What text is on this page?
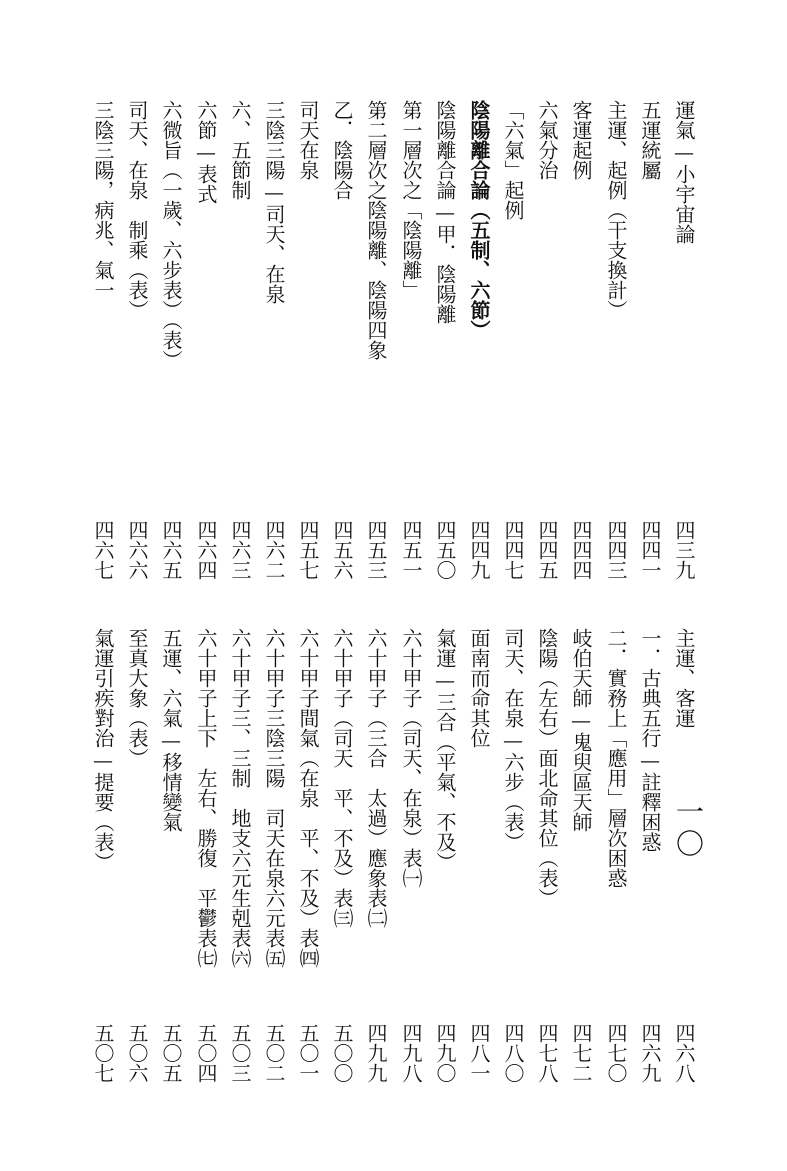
運氣—小宇宙論
四三九
五運統屬
四四一
主運、起例（干支換計）
四四三
客運起例
四四四
六氣分治
四四五
「六氣」起例
四四七
陰陽離合論（五制、六節）
四四九
陰陽離合論—甲．陰陽離
四五〇
第一層次之「陰陽離」
四五一
第二層次之陰陽離、陰陽四象
四五三
乙．陰陽合
四五六
司天在泉
四五七
三陰三陽—司天、在泉
四六二
六、五節制
四六三
六節—表式
四六四
六微旨（一歲、六步表）（表）
四六五
司天、在泉　制乘（表）
四六六
三陰三陽，病兆、氣一
四六七
一〇
主運、客運
四六八
一．古典五行—註釋困惑
四六九
二．實務上「應用」層次困惑
四七〇
岐伯天師—鬼臾區天師
四七二
陰陽（左右）面北命其位（表）
四七八
司天、在泉—六步（表）
四八〇
面南而命其位
四八一
氣運—三合（平氣、不及）
四九〇
六十甲子（司天、在泉）表㈠
四九八
六十甲子（三合　太過）應象表㈡
四九九
六十甲子（司天　平、不及）表㈢
五〇〇
六十甲子間氣（在泉　平、不及）表㈣
五〇一
六十甲子三陰三陽　司天在泉六元表㈤
五〇二
六十甲子三、三制　地支六元生剋表㈥
五〇三
六十甲子上下　左右、勝復　平鬱表㈦
五〇四
五運、六氣—移情變氣
五〇五
至真大象（表）
五〇六
氣運引疾對治—提要（表）
五〇七
